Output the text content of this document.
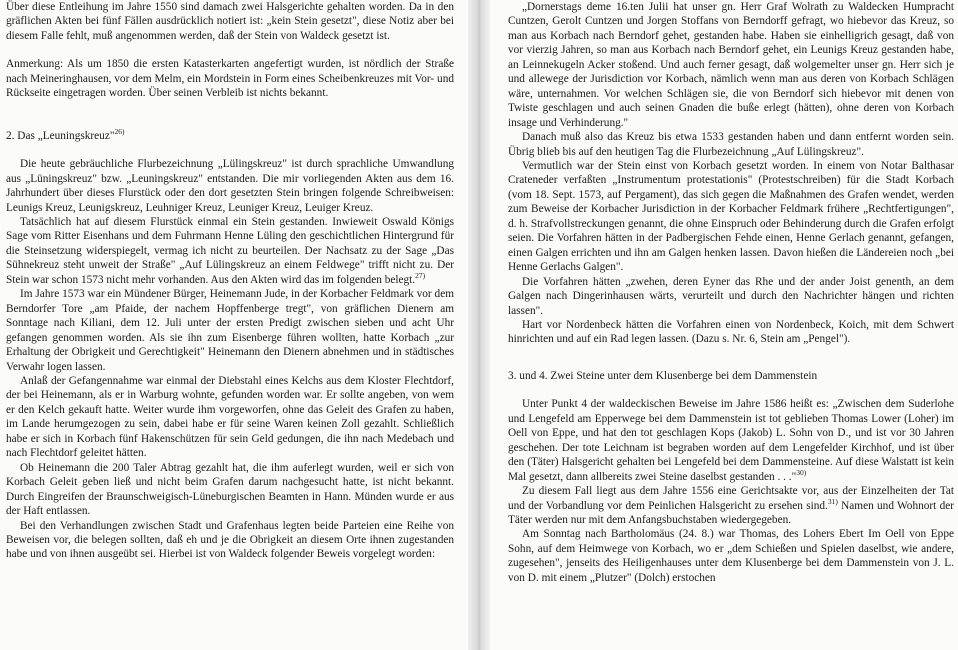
Über diese Entleihung im Jahre 1550 sind damach zwei Halsgerichte gehalten worden. Da in den gräflichen Akten bei fünf Fällen ausdrücklich notiert ist: „kein Stein gesetzt", diese Notiz aber bei diesem Falle fehlt, muß angenommen werden, daß der Stein von Waldeck gesetzt ist.

Anmerkung: Als um 1850 die ersten Katasterkarten angefertigt wurden, ist nördlich der Straße nach Meineringhausen, vor dem Melm, ein Mordstein in Form eines Scheibenkreuzes mit Vor- und Rückseite eingetragen worden. Über seinen Verbleib ist nichts bekannt.

2. Das „Leuningskreuz"$^{26)}$

Die heute gebräuchliche Flurbezeichnung „Lülingskreuz" ist durch sprachliche Umwandlung aus „Lüningskreuz" bzw. „Leuningskreuz" entstanden. Die mir vorliegenden Akten aus dem 16. Jahrhundert über dieses Flurstück oder den dort gesetzten Stein bringen folgende Schreibweisen: Leunigs Kreuz, Leunigskreuz, Leuhniger Kreuz, Leuniger Kreuz, Leuiger Kreuz.

Tatsächlich hat auf diesem Flurstück einmal ein Stein gestanden. Inwieweit Oswald Königs Sage vom Ritter Eisenhans und dem Fuhrmann Henne Lüling den geschichtlichen Hintergrund für die Steinsetzung widerspiegelt, vermag ich nicht zu beurteilen. Der Nachsatz zu der Sage „Das Sühnekreuz steht unweit der Straße" „Auf Lülingskreuz an einem Feldwege" trifft nicht zu. Der Stein war schon 1573 nicht mehr vorhanden. Aus den Akten wird das im folgenden belegt.$^{27)}$

Im Jahre 1573 war ein Mündener Bürger, Heinemann Jude, in der Korbacher Feldmark vor dem Berndorfer Tore „am Pfaide, der nachem Hopffenberge tregt", von gräflichen Dienern am Sonntage nach Kiliani, dem 12. Juli unter der ersten Predigt zwischen sieben und acht Uhr gefangen genommen worden. Als sie ihn zum Eisenberge führen wollten, hatte Korbach „zur Erhaltung der Obrigkeit und Gerechtigkeit" Heinemann den Dienern abnehmen und in städtisches Verwahr logen lassen.

Anlaß der Gefangennahme war einmal der Diebstahl eines Kelchs aus dem Kloster Flechtdorf, der bei Heinemann, als er in Warburg wohnte, gefunden worden war. Er sollte angeben, von wem er den Kelch gekauft hatte. Weiter wurde ihm vorgeworfen, ohne das Geleit des Grafen zu haben, im Lande herumgezogen zu sein, dabei habe er für seine Waren keinen Zoll gezahlt. Schließlich habe er sich in Korbach fünf Hakenschützen für sein Geld gedungen, die ihn nach Medebach und nach Flechtdorf geleitet hätten.

Ob Heinemann die 200 Taler Abtrag gezahlt hat, die ihm auferlegt wurden, weil er sich von Korbach Geleit geben ließ und nicht beim Grafen darum nachgesucht hatte, ist nicht bekannt. Durch Eingreifen der Braunschweigisch-Lüneburgischen Beamten in Hann. Münden wurde er aus der Haft entlassen.

Bei den Verhandlungen zwischen Stadt und Grafenhaus legten beide Parteien eine Reihe von Beweisen vor, die belegen sollten, daß eh und je die Obrigkeit an diesem Orte ihnen zugestanden habe und von ihnen ausgeübt sei. Hierbei ist von Waldeck folgender Beweis vorgelegt worden:

„Dornerstags deme 16.ten Julii hat unser gn. Herr Graf Wolrath zu Waldecken Humpracht Cuntzen, Gerolt Cuntzen und Jorgen Stoffans von Berndorff gefragt, wo hiebevor das Kreuz, so man aus Korbach nach Berndorf gehet, gestanden habe. Haben sie einhelligrich gesagt, daß von vor vierzig Jahren, so man aus Korbach nach Berndorf gehet, ein Leunigs Kreuz gestanden habe, an Leinnekugeln Acker stoßend. Und auch ferner gesagt, daß wolgemelter unser gn. Herr sich je und allewege der Jurisdiction vor Korbach, nämlich wenn man aus deren von Korbach Schlägen wäre, unternahmen. Vor welchen Schlägen sie, die von Berndorf sich hiebevor mit denen von Twiste geschlagen und auch seinen Gnaden die buße erlegt (hätten), ohne deren von Korbach insage und Verhinderung."

Danach muß also das Kreuz bis etwa 1533 gestanden haben und dann entfernt worden sein. Übrig blieb bis auf den heutigen Tag die Flurbezeichnung „Auf Lülingskreuz".

Vermutlich war der Stein einst von Korbach gesetzt worden. In einem von Notar Balthasar Crateneder verfaßten „Instrumentum protestationis" (Protestschreiben) für die Stadt Korbach (vom 18. Sept. 1573, auf Pergament), das sich gegen die Maßnahmen des Grafen wendet, werden zum Beweise der Korbacher Jurisdiction in der Korbacher Feldmark frühere „Rechtfertigungen", d. h. Strafvollstreckungen genannt, die ohne Einspruch oder Behinderung durch die Grafen erfolgt seien. Die Vorfahren hätten in der Padbergischen Fehde einen, Henne Gerlach genannt, gefangen, einen Galgen errichten und ihn am Galgen henken lassen. Davon hießen die Ländereien noch „bei Henne Gerlachs Galgen".

Die Vorfahren hätten „zwehen, deren Eyner das Rhe und der ander Joist genenth, an dem Galgen nach Dingerinhausen wärts, verurteilt und durch den Nachrichter hängen und richten lassen".

Hart vor Nordenbeck hätten die Vorfahren einen von Nordenbeck, Koich, mit dem Schwert hinrichten und auf ein Rad legen lassen. (Dazu s. Nr. 6, Stein am „Pengel").

3. und 4. Zwei Steine unter dem Klusenberge bei dem Dammenstein

Unter Punkt 4 der waldeckischen Beweise im Jahre 1586 heißt es: „Zwischen dem Suderlohe und Lengefeld am Epperwege bei dem Dammenstein ist tot geblieben Thomas Lower (Loher) im Oell von Eppe, und hat den tot geschlagen Kops (Jakob) L. Sohn von D., und ist vor 30 Jahren geschehen. Der tote Leichnam ist begraben worden auf dem Lengefelder Kirchhof, und ist über den (Täter) Halsgericht gehalten bei Lengefeld bei dem Dammensteine. Auf diese Walstatt ist kein Mal gesetzt, dann allbereits zwei Steine daselbst gestanden . . ."$^{30)}$

Zu diesem Fall liegt aus dem Jahre 1556 eine Gerichtsakte vor, aus der Einzelheiten der Tat und der Vorbandlung vor dem Peinlichen Halsgericht zu ersehen sind.$^{31)}$ Namen und Wohnort der Täter werden nur mit dem Anfangsbuchstaben wiedergegeben.

Am Sonntag nach Bartholomäus (24. 8.) war Thomas, des Lohers Ebert Im Oell von Eppe Sohn, auf dem Heimwege von Korbach, wo er „dem Schießen und Spielen daselbst, wie andere, zugesehen", jenseits des Heiligenhauses unter dem Klusenberge bei dem Dammenstein von J. L. von D. mit einem „Plutzer" (Dolch) erstochen
